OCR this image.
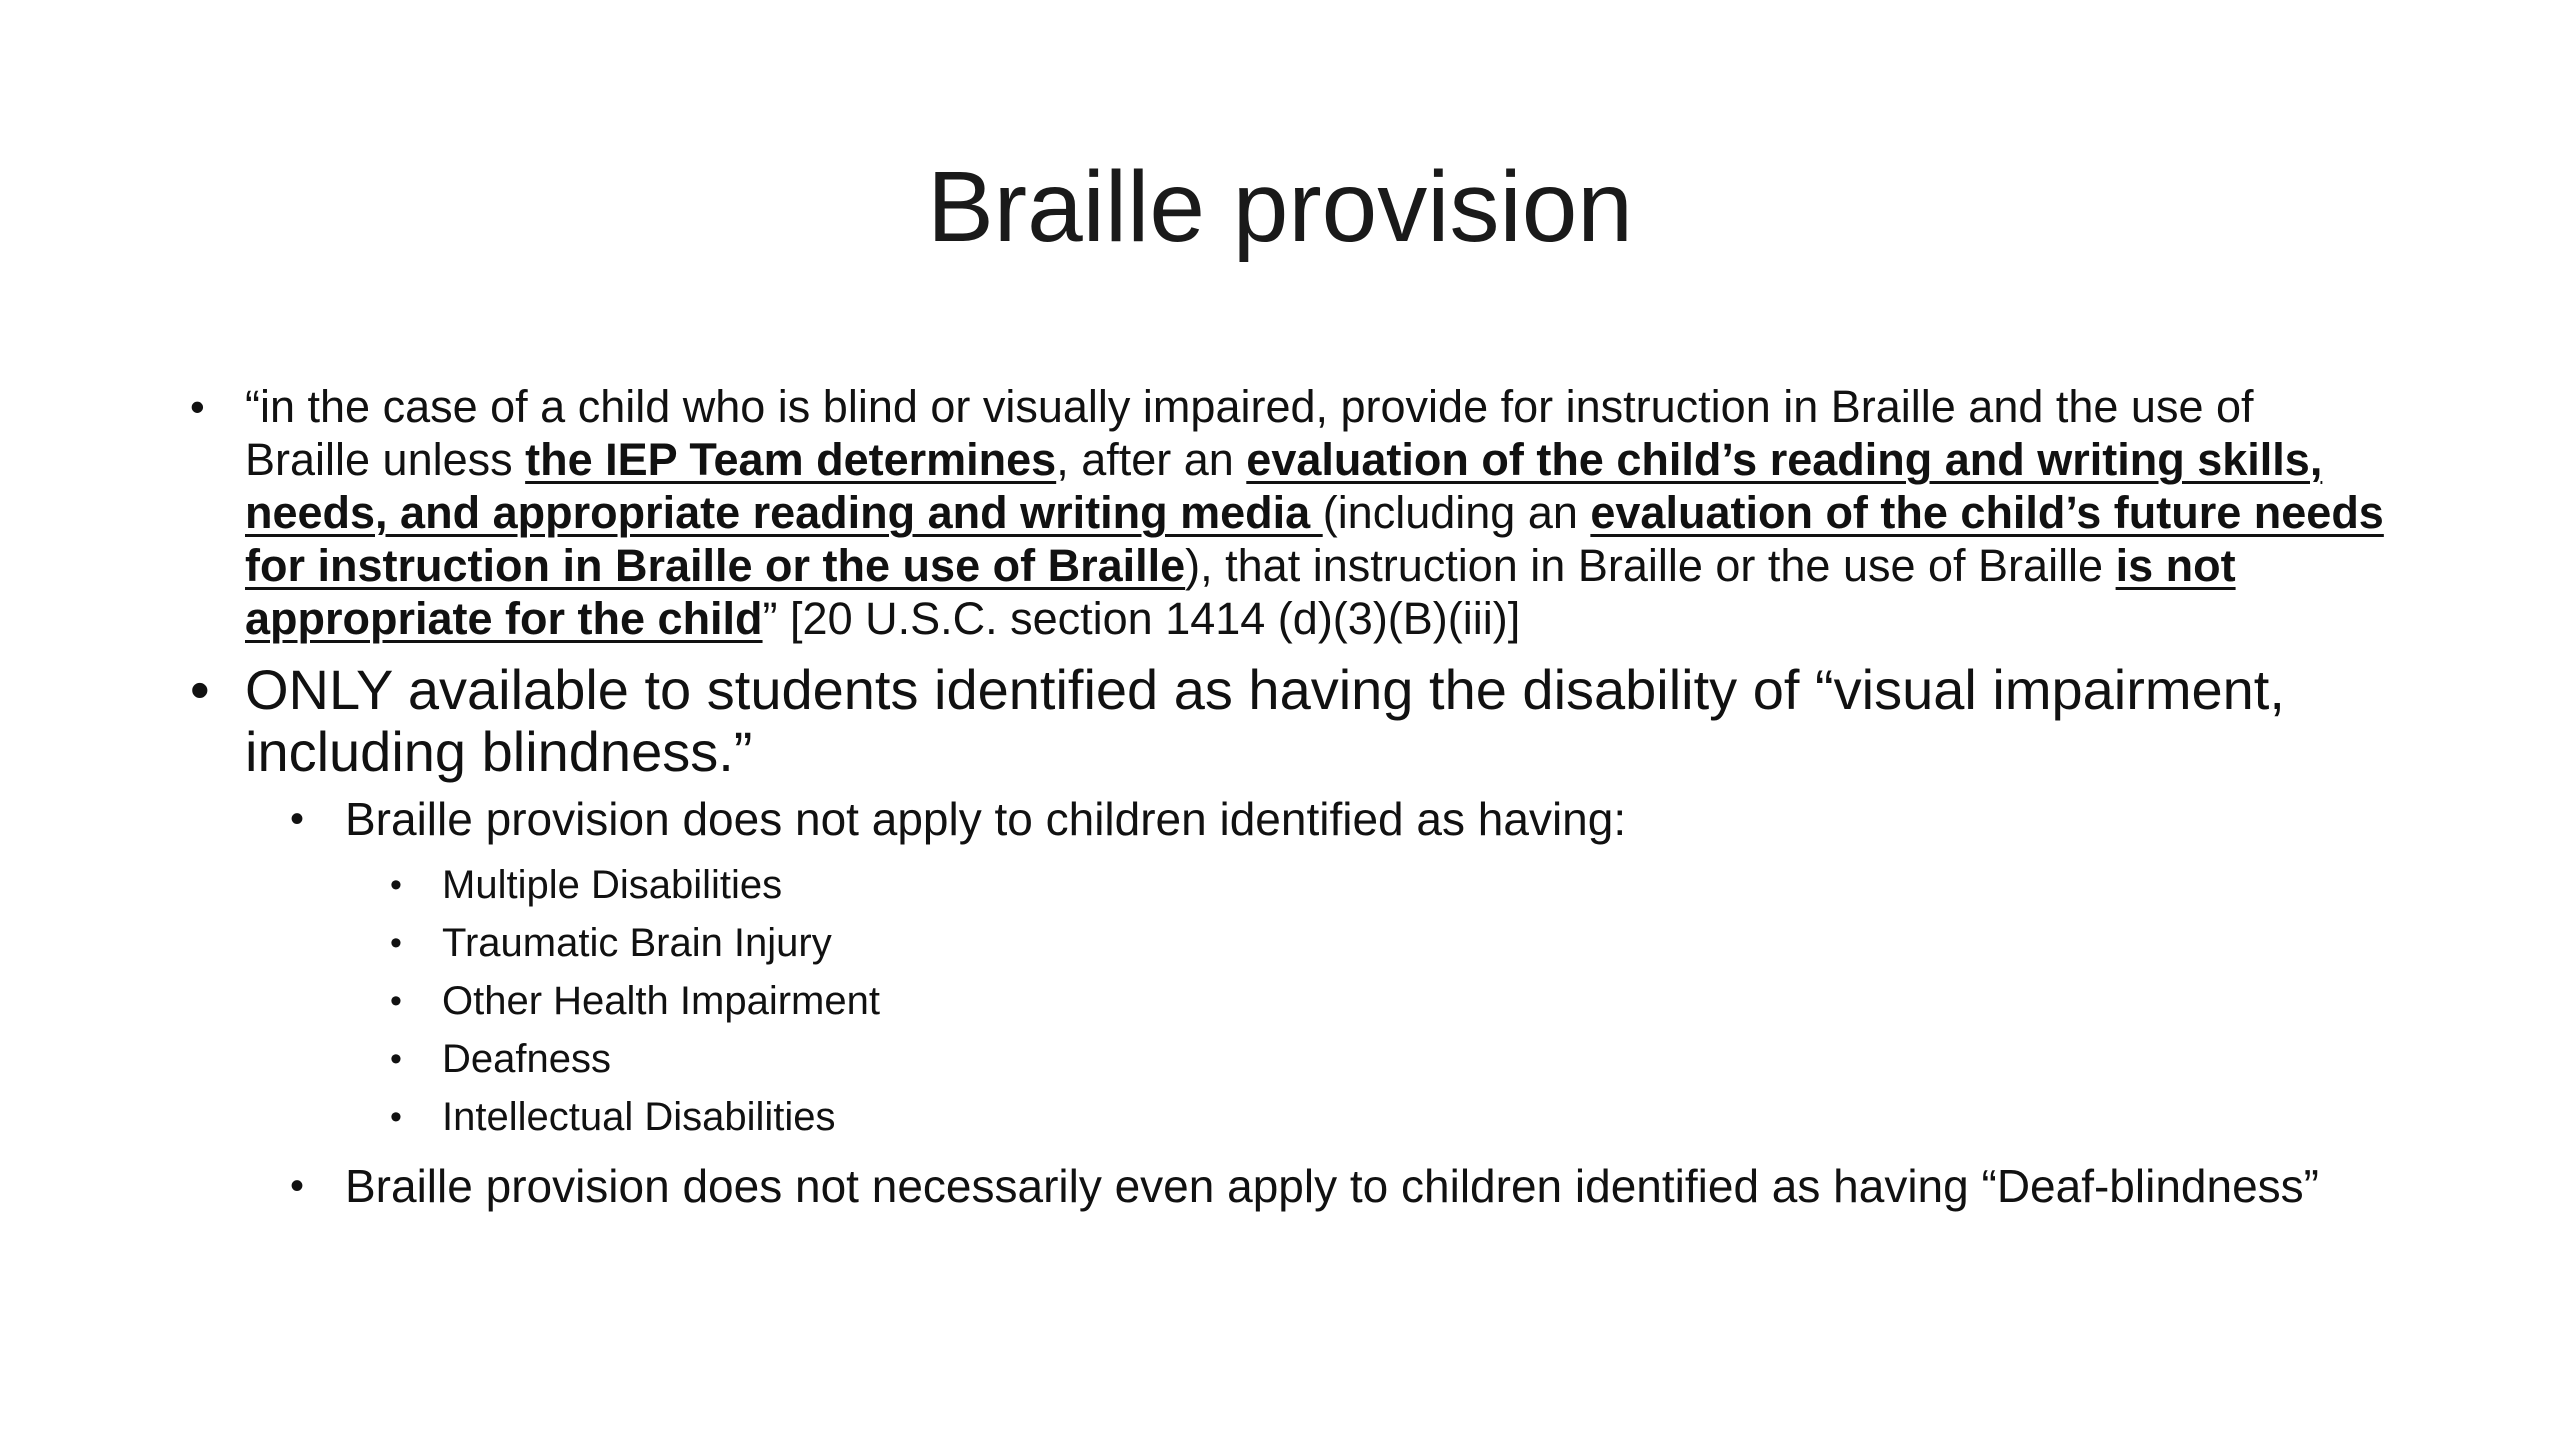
Braille provision
• “in the case of a child who is blind or visually impaired, provide for instruction in Braille and the use of Braille unless the IEP Team determines, after an evaluation of the child’s reading and writing skills, needs, and appropriate reading and writing media (including an evaluation of the child’s future needs for instruction in Braille or the use of Braille), that instruction in Braille or the use of Braille is not appropriate for the child” [20 U.S.C. section 1414 (d)(3)(B)(iii)]
• ONLY available to students identified as having the disability of “visual impairment, including blindness.”
• Braille provision does not apply to children identified as having:
• Multiple Disabilities
• Traumatic Brain Injury
• Other Health Impairment
• Deafness
• Intellectual Disabilities
• Braille provision does not necessarily even apply to children identified as having “Deaf-blindness”
